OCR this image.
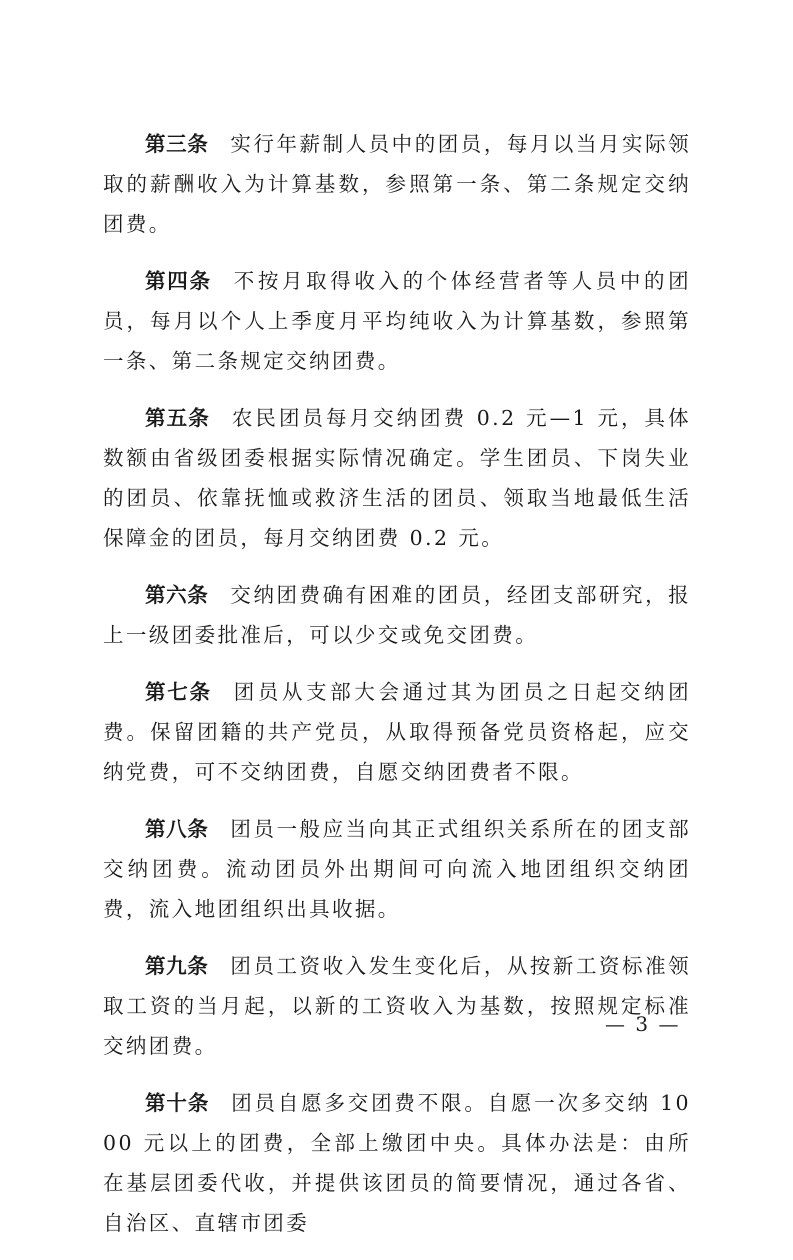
第三条 实行年薪制人员中的团员，每月以当月实际领取的薪酬收入为计算基数，参照第一条、第二条规定交纳团费。

第四条 不按月取得收入的个体经营者等人员中的团员，每月以个人上季度月平均纯收入为计算基数，参照第一条、第二条规定交纳团费。

第五条 农民团员每月交纳团费 0.2 元—1 元，具体数额由省级团委根据实际情况确定。学生团员、下岗失业的团员、依靠抚恤或救济生活的团员、领取当地最低生活保障金的团员，每月交纳团费 0.2 元。

第六条 交纳团费确有困难的团员，经团支部研究，报上一级团委批准后，可以少交或免交团费。

第七条 团员从支部大会通过其为团员之日起交纳团费。保留团籍的共产党员，从取得预备党员资格起，应交纳党费，可不交纳团费，自愿交纳团费者不限。

第八条 团员一般应当向其正式组织关系所在的团支部交纳团费。流动团员外出期间可向流入地团组织交纳团费，流入地团组织出具收据。

第九条 团员工资收入发生变化后，从按新工资标准领取工资的当月起，以新的工资收入为基数，按照规定标准交纳团费。

第十条 团员自愿多交团费不限。自愿一次多交纳 1000 元以上的团费，全部上缴团中央。具体办法是：由所在基层团委代收，并提供该团员的简要情况，通过各省、自治区、直辖市团委

— 3 —
